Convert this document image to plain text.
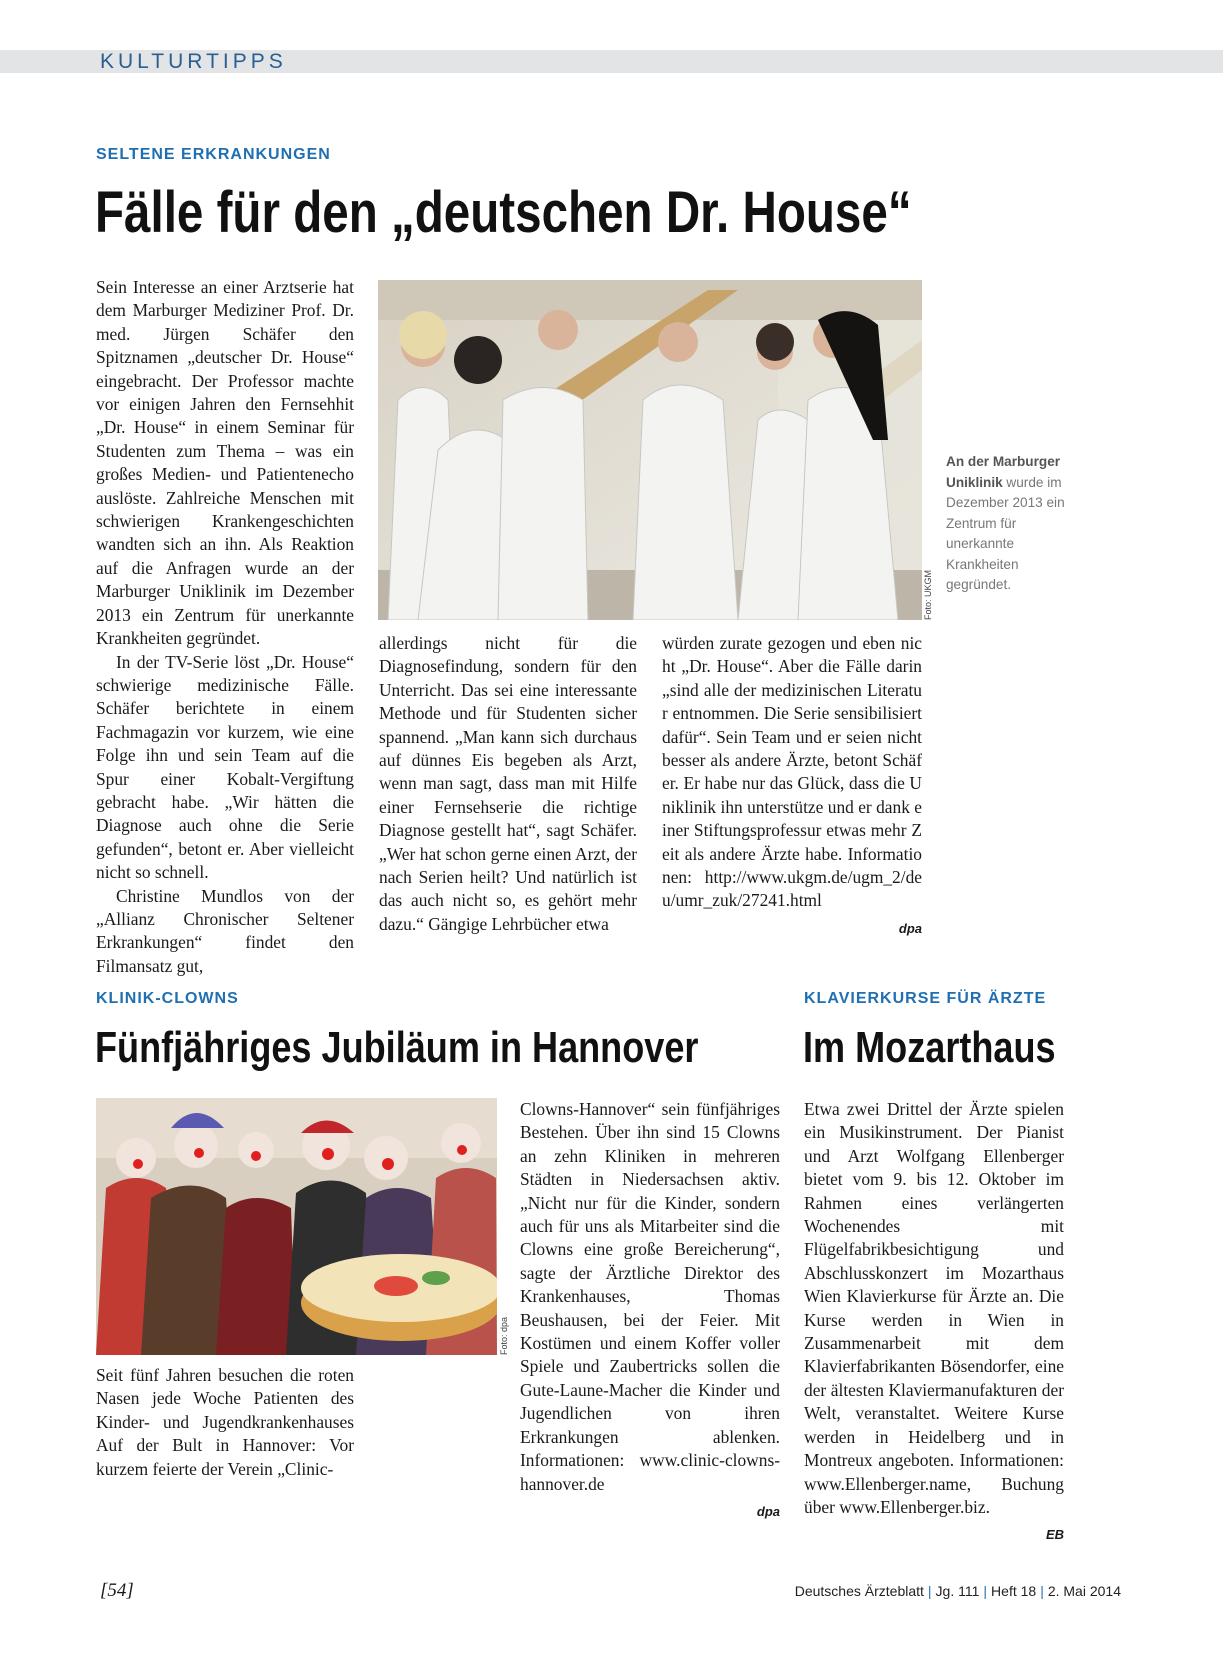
KULTURTIPPS
SELTENE ERKRANKUNGEN
Fälle für den „deutschen Dr. House“

Sein Interesse an einer Arztserie hat dem Marburger Mediziner Prof. Dr. med. Jürgen Schäfer den Spitznamen „deutscher Dr. House“ eingebracht. Der Professor machte vor einigen Jahren den Fernsehhit „Dr. House“ in einem Seminar für Studenten zum Thema – was ein großes Medien- und Patientenecho auslöste. Zahlreiche Menschen mit schwierigen Krankengeschichten wandten sich an ihn. Als Reaktion auf die Anfragen wurde an der Marburger Uniklinik im Dezember 2013 ein Zentrum für unerkannte Krankheiten gegründet.

In der TV-Serie löst „Dr. House“ schwierige medizinische Fälle. Schäfer berichtete in einem Fachmagazin vor kurzem, wie eine Folge ihn und sein Team auf die Spur einer Kobalt-Vergiftung gebracht habe. „Wir hätten die Diagnose auch ohne die Serie gefunden“, betont er. Aber vielleicht nicht so schnell.

Christine Mundlos von der „Allianz Chronischer Seltener Erkrankungen“ findet den Filmansatz gut,

Foto: UKGM
An der Marburger Uniklinik wurde im Dezember 2013 ein Zentrum für unerkannte Krankheiten gegründet.

allerdings nicht für die Diagnosefindung, sondern für den Unterricht. Das sei eine interessante Methode und für Studenten sicher spannend. „Man kann sich durchaus auf dünnes Eis begeben als Arzt, wenn man sagt, dass man mit Hilfe einer Fernsehserie die richtige Diagnose gestellt hat“, sagt Schäfer. „Wer hat schon gerne einen Arzt, der nach Serien heilt? Und natürlich ist das auch nicht so, es gehört mehr dazu.“ Gängige Lehrbücher etwa

würden zurate gezogen und eben nicht „Dr. House“. Aber die Fälle darin „sind alle der medizinischen Literatur entnommen. Die Serie sensibilisiert dafür“. Sein Team und er seien nicht besser als andere Ärzte, betont Schäfer. Er habe nur das Glück, dass die Uniklinik ihn unterstütze und er dank einer Stiftungsprofessur etwas mehr Zeit als andere Ärzte habe. Informationen: http://www.ukgm.de/ugm_2/deu/umr_zuk/27241.html

dpa
KLINIK-CLOWNS
Fünfjähriges Jubiläum in Hannover
Foto: dpa

Seit fünf Jahren besuchen die roten Nasen jede Woche Patienten des Kinder- und Jugendkrankenhauses Auf der Bult in Hannover: Vor kurzem feierte der Verein „Clinic-

Clowns-Hannover“ sein fünfjähriges Bestehen. Über ihn sind 15 Clowns an zehn Kliniken in mehreren Städten in Niedersachsen aktiv. „Nicht nur für die Kinder, sondern auch für uns als Mitarbeiter sind die Clowns eine große Bereicherung“, sagte der Ärztliche Direktor des Krankenhauses, Thomas Beushausen, bei der Feier. Mit Kostümen und einem Koffer voller Spiele und Zaubertricks sollen die Gute-Laune-Macher die Kinder und Jugendlichen von ihren Erkrankungen ablenken. Informationen: www.clinic-clowns-hannover.de

dpa
KLAVIERKURSE FÜR ÄRZTE
Im Mozarthaus

Etwa zwei Drittel der Ärzte spielen ein Musikinstrument. Der Pianist und Arzt Wolfgang Ellenberger bietet vom 9. bis 12. Oktober im Rahmen eines verlängerten Wochenendes mit Flügelfabrikbesichtigung und Abschlusskonzert im Mozarthaus Wien Klavierkurse für Ärzte an. Die Kurse werden in Wien in Zusammenarbeit mit dem Klavierfabrikanten Bösendorfer, eine der ältesten Klaviermanufakturen der Welt, veranstaltet. Weitere Kurse werden in Heidelberg und in Montreux angeboten. Informationen: www.Ellenberger.name, Buchung über www.Ellenberger.biz.

EB
[54]	Deutsches Ärzteblatt | Jg. 111 | Heft 18 | 2. Mai 2014
